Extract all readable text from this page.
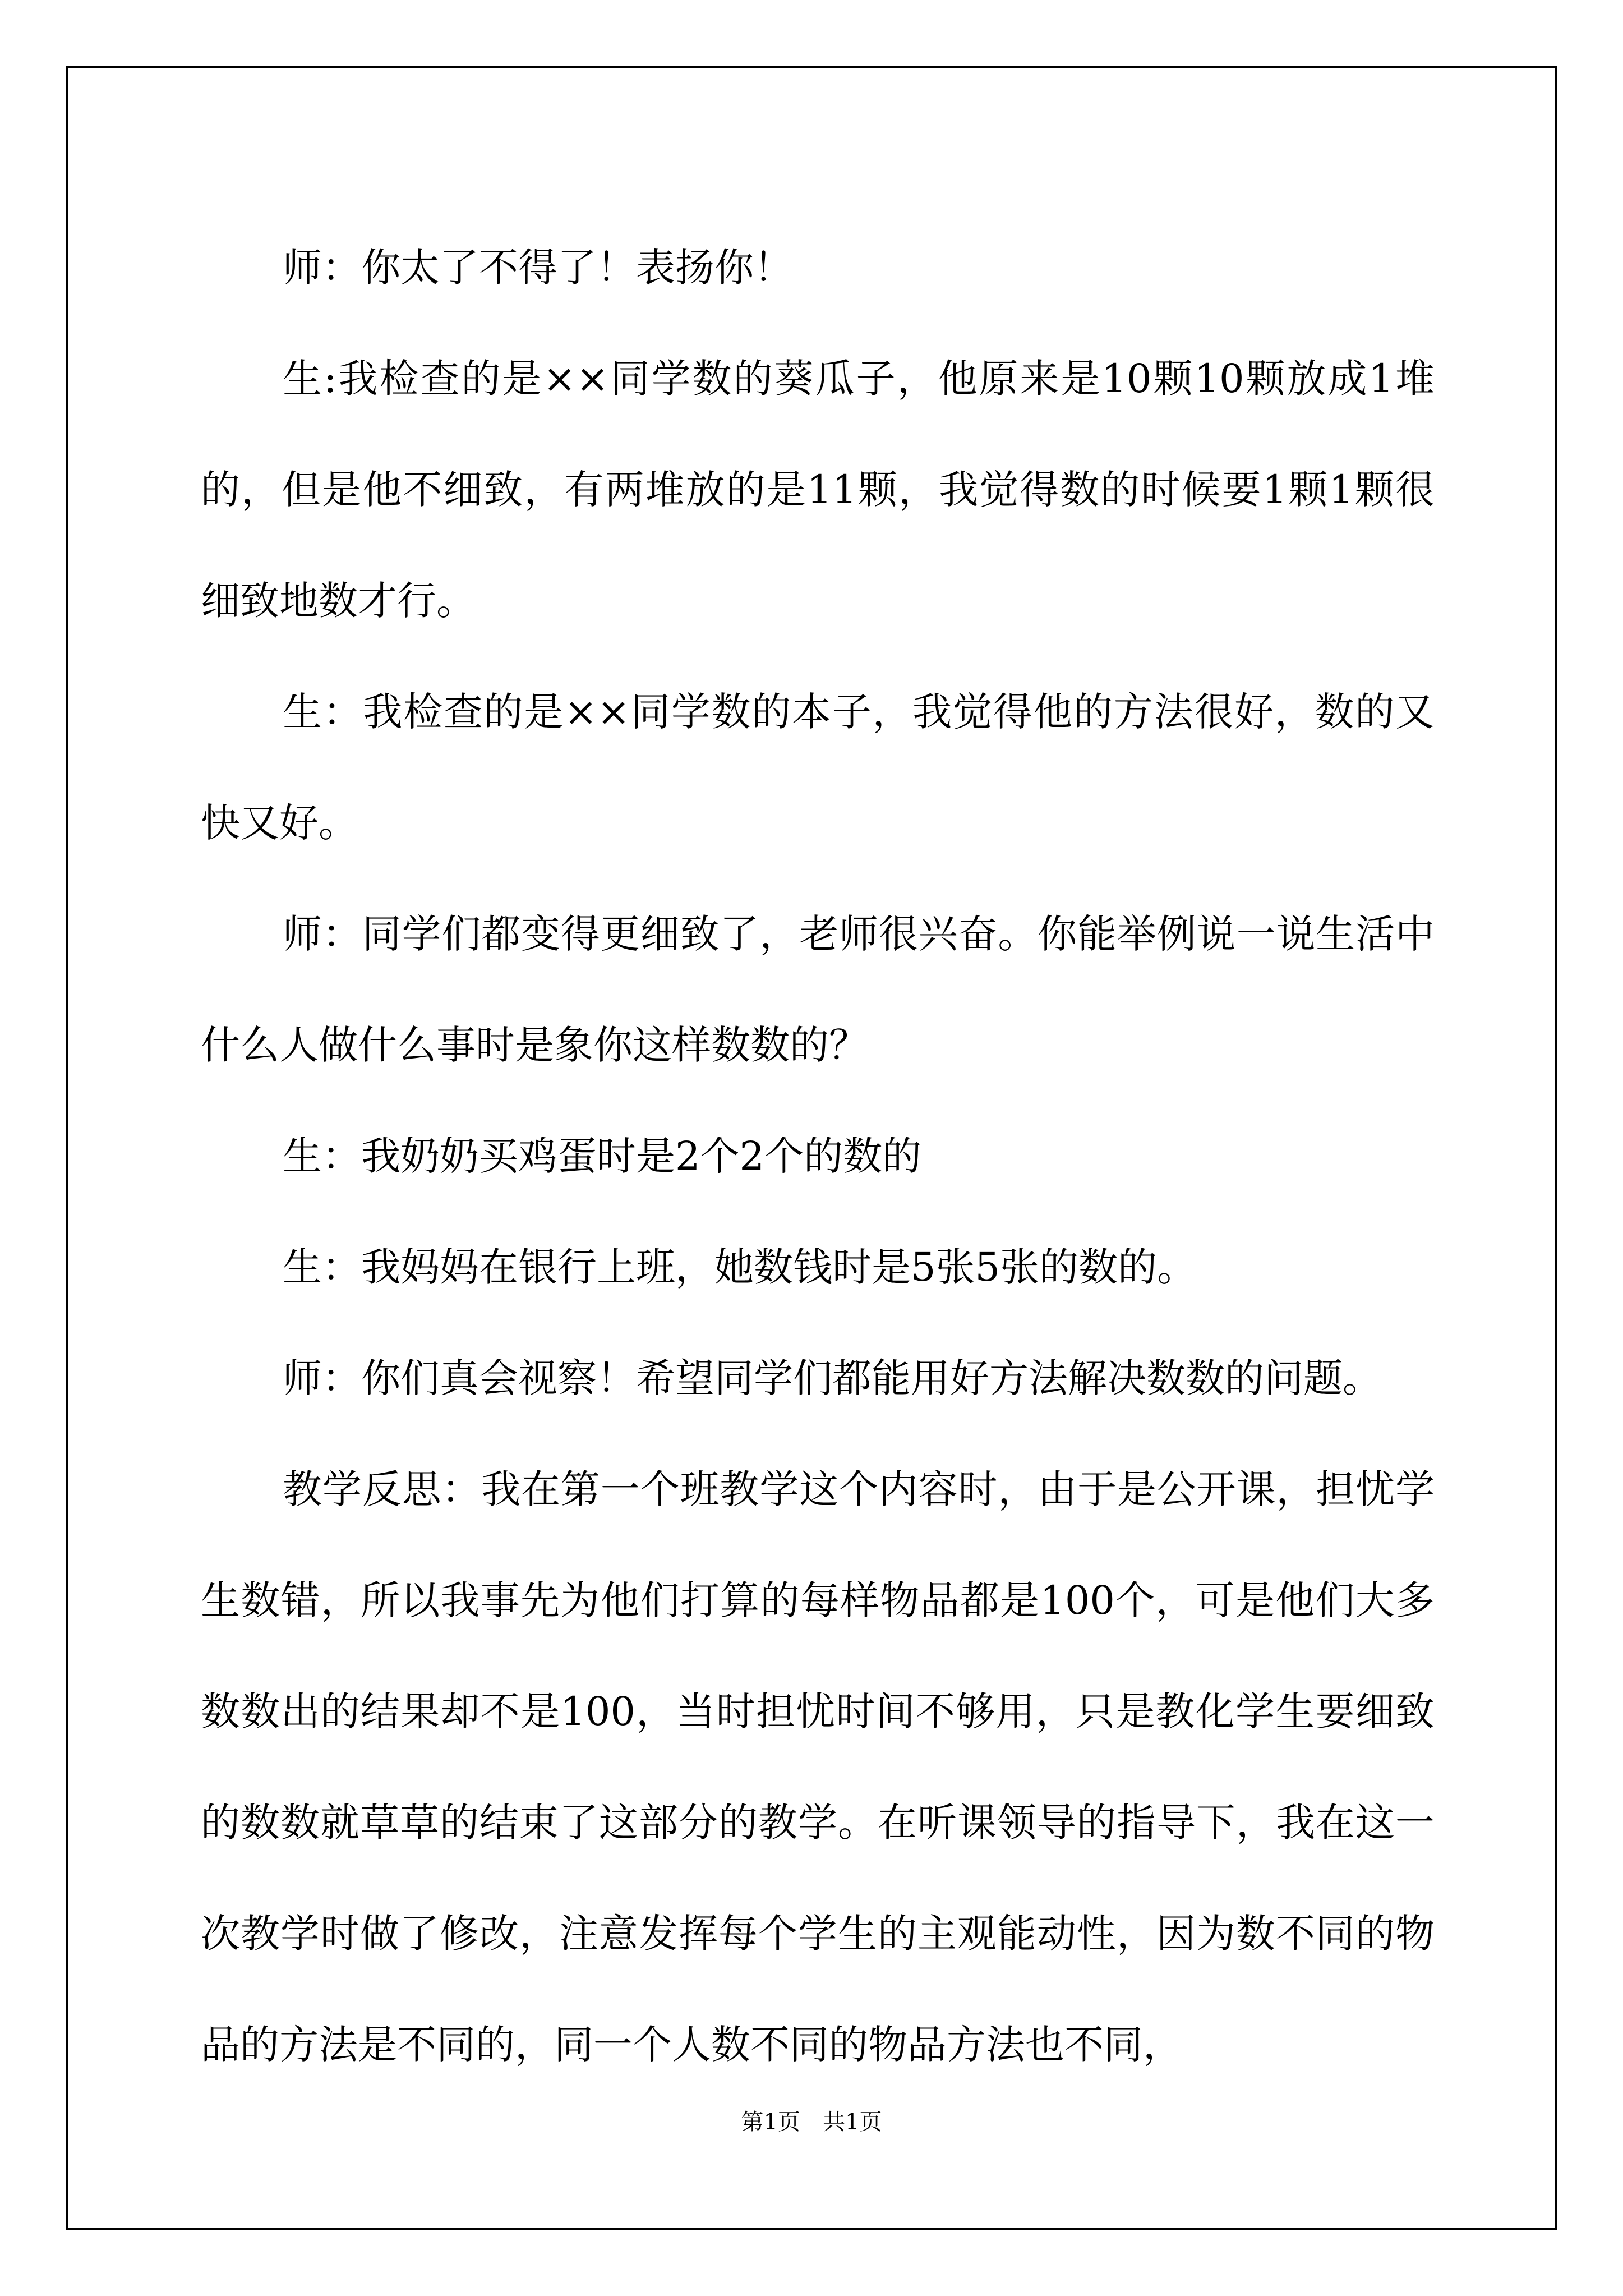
师：你太了不得了！表扬你！

生:我检查的是××同学数的葵瓜子，他原来是10颗10颗放成1堆的，但是他不细致，有两堆放的是11颗，我觉得数的时候要1颗1颗很细致地数才行。

生：我检查的是××同学数的本子，我觉得他的方法很好，数的又快又好。

师：同学们都变得更细致了，老师很兴奋。你能举例说一说生活中什么人做什么事时是象你这样数数的？

生：我奶奶买鸡蛋时是2个2个的数的

生：我妈妈在银行上班，她数钱时是5张5张的数的。

师：你们真会视察！希望同学们都能用好方法解决数数的问题。

教学反思：我在第一个班教学这个内容时，由于是公开课，担忧学生数错，所以我事先为他们打算的每样物品都是100个，可是他们大多数数出的结果却不是100，当时担忧时间不够用，只是教化学生要细致的数数就草草的结束了这部分的教学。在听课领导的指导下，我在这一次教学时做了修改，注意发挥每个学生的主观能动性，因为数不同的物品的方法是不同的，同一个人数不同的物品方法也不同，

第1页　共1页
